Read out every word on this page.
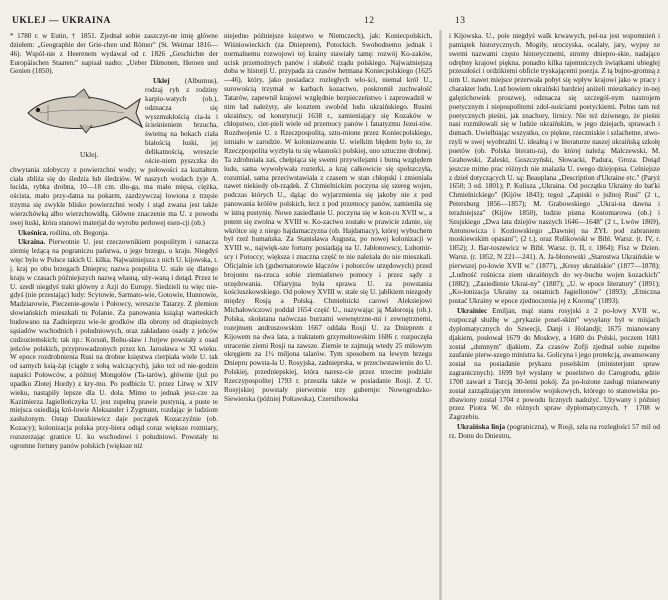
UKLEJ — UKRAINA	12	13

* 1780 r. w Eutin, † 1851. Zjednał sobie zaszczyt-ne imię główne dziełem: „Geographie der Grie-chen und Römer" (St. Weimar 1816—46). Wspól-nie z Heerenem wydawał od r. 1826 „Geschichte der Europäischen Staaten:" napisał nadto: „Ueber Dämonen, Heroen und Genien (1850).

Uklej.
Uklej (Alburnus), rodzaj ryb z rodziny karpio-watych (ob.), odznacza się wyszmukłością cia-ła i ścieśnieniem brzucha, świetną na bokach ciała białością łuski, jej delikatnością, wreszcie oście-niem pyszczka do chwytania zdobyczy z powierzchni wody; w połowości za kształtem ciała zbliża się do śledzia lub śledziów. W naszych wodach żyje A. lucida, rybka drobna, 10—18 cm. dłu-ga, ma mało mięsa, ciężka, oścista, mało przy-datna na pokarm, zazdzywczaj łowiona z trzęsie trzyma się zwykle blisko powierzchni wody i stąd zwana jest także wierzchówką albo wierzchowidłą. Główne znaczenie ma U. z powodu swej łuski, która stanowi materjał do wyrobu perłowej esen-cji (ob.)

Ukośnica, roślina, ob. Begonja.

Ukraina. Pierwotnie U. jest rzeczownikiem pospolitym i oznacza ziemię leżącą na pograniczu państwa, u jego brzegu, u kraju. Niegdyś więc było w Polsce takich U. kilka. Najważniejsza z nich U. kijowska, t. j. kraj po obu brzegach Dniepru; nazwa pospolita U. stale się dlatego kraju w czasach późniejszych nazwą własną, uży-waną i dotąd. Przez te U. szedł niegdyś trakt główny z Azji do Europy. Siedzieli tu więc nie-gdyś (nie przestając) ludy: Scytowie, Sarmato-wie, Gotowie, Hunnowie, Madziarowie, Pieczenie-gowie i Połowcy, wreszcie Tatarzy. Z plemion słowiańskich mieszkali tu Polanie. Za panowania książąt warteskich budowano na Zadnieprzu wie-le grodków dla obrony od drapieżnych sąsiadów wschodnich i południowych, oraz zakładano osady z jeńców cudzoziemskich; tak np.: Korsuń, Bohu-sław i Jurjew powstały z osad jeńców polskich, przyprowadzonych przez kn. Jarosława w XI wieku. W epoce rozdrobnienia Rusi na drobne księstwa cierpiała wiele U. tak od samych ksią-żąt (ciągle z sobą walczących), jako też od nie-godzin napaści Połowców, a później Mongołów (Ta-tarów), głównie (już po upadku Złotej Hordy) z kry-mu. Po podbiciu U. przez Litwę w XIV wieku, nastąpiły lepsze dla U. dola. Mimo to jednak jesz-cze za Kazimierza Jagiellończyka U. jest zupełną prawie pustynią, a puste te miejsca osiedlają kró-lowie Aleksander i Zygmunt, rozdając je ludziom zasłużonym. Ostap Daszkiewicz daje początek Kozaczyźnie (ob. Kozacy); kolonizacja polska przy-biera odtąd coraz większe rozmiary, rozszerzając granice U. ku wschodowi i południowi. Powstały tu ogromne fortuny panów polskich (większe niż

niejedno późniejsze księstwo w Niemczech), jak: Koniecpolskich, Wiśniowieckich (za Dnieprem), Potockich. Swobodnemu jednak i normalnemu rozwojowi tej krainy stawiały tamę: rozwój Ko-zaków, ucisk przemożnych panów i słabość rządu polskiego. Najważniejszą doba w historji U. przypada za czasów hetmana Koniecpolskiego (1625—46), który, jako posiadacz rozległych wło-ści, niemal król U., surowością trzymał w karbach kozactwo, poskromił zuchwałość Tatarów, zapewnił krajowi względnie bezpieczeństwo i zaprowadził w nim ład należyty, ale kosztem swobód ludu ukraińskiego. Rusini ukraińscy, od konstytucji 1638 r., zamieniający się Kozaków w chłopstwo, cier-pieli wiele od przemocy panów i fanatyzmu Jezui-tów. Rozdwojenie U. z Rzeczpospolitą, sztu-mione przez Koniecpolskiego, istniało w zarodzie. W kolonizowaniu U. wielkim błędem było to, że Rzeczpospolita wyzbyła tu się własności polskiej, uno sztuczne drobnej. Ta zdrobniała zaś, chełpiąca się swemi przywilejami i butną względem ludu, sama wywoływała rozterki, a kraj całkowicie się spolszczyła, rozumiał, sama przeciwstawiała z czasem w stan chłopski i zmieniała nawet niekiedy ob-rządek. Z Chmielnickim poczyna się szereg wojen, podczas których U., dążąc do wyjarzmienia się jakoby nie z pod panowania królów polskich, lecz z pod przemocy panów, zamieniła się w istną pustynię. Nowe zasiedlanie U. poczyna się w kon-cu XVII w., a potem się zwolna w XVIII w. Ko-zactwo zostało w prawicie zdanie, się wkrótce się z niego hajdamaczyzna (ob. Hajdamacy), której wybuchem był rzeź humańska. Za Stanisława Augusta, po nowej kolonizacji w XVIII w., najwięk-sze fortuny posiadają na U. Jabłonowscy, Lubomir-scy i Potoccy; większa i znaczna część te nie należała do nie mieszkali. Oficjalnie ich (gubernatorowie kłączów i poborców urzędowych) przed brojonto na-rzuca sobie ziemiaństwo pomocy i przez sądy z urzędowania. Ofiaryjna była sprawa U. za powstania kościuszkowskiego. Od połowy XVIII w. stale się U. jablkiem niezgody między Rosją a Polską. Chmielnicki carowi Aleksiejowi Michałowiczowi poddał 1654 część U., nazywając ją Małorosją (ob.). Polska, skołatana naówczas burzami wewnętrzne-mi i zewnętrznemi, rozejmem andruszowskim 1667 oddała Rosji U. za Dnieprem z Kijowem na dwa lata, a traktatem grzymułtowskim 1686 r. rozpoczęła utracenie ziemi Rosji na zawsze. Ziemie te zajmują wtedy 25 milowym okręgiem za 1½ miljona talarów. Tym sposobem na lewym brzegu Dniepru powsta-ła U. Rosyjska, zadnieprska, w przeciwstawieniu do U. Polskiej, przedniepskiej, która naresz-cie przez trzecim podziale Rzeczypospolitej 1793 r. przeszła także w posiadanie Rosji. Z U. Rosyjskiej powstały pierwotnie trzy gubernje: Nowogrodzko-Siewierska (później Połtawska), Czernihowska

i Kijowska. U., pole niegdyś walk krwawych, peł-na jest wspomnień i pamiątek historycznych. Mogiły, uroczyska, ocalały, jary, wypsy ze swemi nazwami często historycznemi, stromy dniepro-skie, nadające odrębny krajowi piękna, ponadto kilka tajemniczych świątkami ubiegłej przeszłości i ordzikiemi obficie tryskającemi poezja. Z tą bujno-gromną z nim U. nawet miejsce przerwała pobyt się wpływ krajowi jako w pracy i charakter ludu. Lud bowiem ukraiński bardziej aniżeli mieszkańcy in-nej galęzichowiek proszwe), odznacza się szczegól-nym nastrojem poetycznym i niepospolitemi zdol-nościami poetyckiemi. Pełno tam też poetycznych pieśni, jak znachory, lirnicy. Nie też dziwnego, że pieśni nasi rozmiłowali się w ludzie ukraińskim, w jego dziejach, sprawach i dumach. Uwielbiając wszystko, co piękne, rzeczniskie i szlachetne, stwo-rzyli w swej wyobraźni U. ideałną i w literaturze naszej ukraińską szkołę poetów (ob. Polska literatu-ra), do której należą: Malczewski, M. Grabowski, Zaleski, Goszczyński, Słowacki, Padura, Groza. Dotąd jeszcze mimo prac różnych nie znalazła U. swego dziejopisa. Celniejsze z dzieł dotyczących U. są: Beauplana „Description d'Ukraine etc." (Paryż 1650; 3 ed. 1801); P. Kulisza „Ukraina. Od początku Ukrainy do bat'ki Chmielnickiego" (Kijów 1843); tegoż „Zapiski o južnoj Rusi" (2 t., Petersburg 1856—1857); M. Grabowskiego „Ukrai-na dawna i teraźniejsza" (Kijów 1850), ludzie pisma Kostomarowa (ob.) i Szujskiego „Dwa lata dziejów naszych 1646—1648" (2 t., Lwów 1869), Antonowicza i Kozłowskiego „Dawniej na ŻYŁ pod zabraniem moskiewskim opasani"; (2 t.), oraz Rulikowski w Bibl. Warsz. (t. IV, r. 1852); J. Bar-toszewicz w Bibl. Warsz. (t. II, r. 1864); Fisz w Dzien. Warsz. (r. 1852, N 221—241). A. Ja-błonowski „Starostwa Ukraińskie w pierwszej po-łowie XVII w." (1877), „Kresy ukraińskie" (1877—1878); „Ludność ruśnicza ziem ukraińnych do wy-buchu wojen kozackich" (1882); „Zasiedlenie Ukrai-ny" (1887); „U. w epoce literatury" (1891); „Ko-lonizacja Ukrainy za ostatnich Jagiellonów" (1893); „Etniczna postać Ukrainy w epoce zjednoczenia jej z Koroną" (1893).

Ukrainiec Emiljan, mąż stanu rosyjski z 2 po-łowy XVII w., rozpoczął służbę w „prykazie posel-skim" wysyłany był w misjach dyplomatycznych do Szwecji, Danji i Holandji; 1675 mianowany djakiem, posłował 1679 do Moskwy, a 1680 do Polski, poczem 1681 został „dumnym" djakiem. Za czasów Zofji zjednał sobie zupełne zaufanie pierw-szego ministra ks. Golicyna i jego protekcją, awansowany został na posiadanie prykazu poselskim (ministerjum spraw zagranicznych). 1699 był wysłany w poselstwo do Carogrodu, gdzie 1700 zawarł z Turcją 30-letni pokój. Za po-łożone zasługi mianowany został zarządzającym interesów wojskowych, którego to stanowiska po-zbawiony został 1704 z powodu licznych nadużyć. Używany i później przez Piotra W. do różnych spraw dyplomatycznych, † 1708 w Zagrzebiu.

Ukraińska linja (pograniczna), w Rosji, szła na rozległości 57 mil od rz. Donu do Dniestru,
